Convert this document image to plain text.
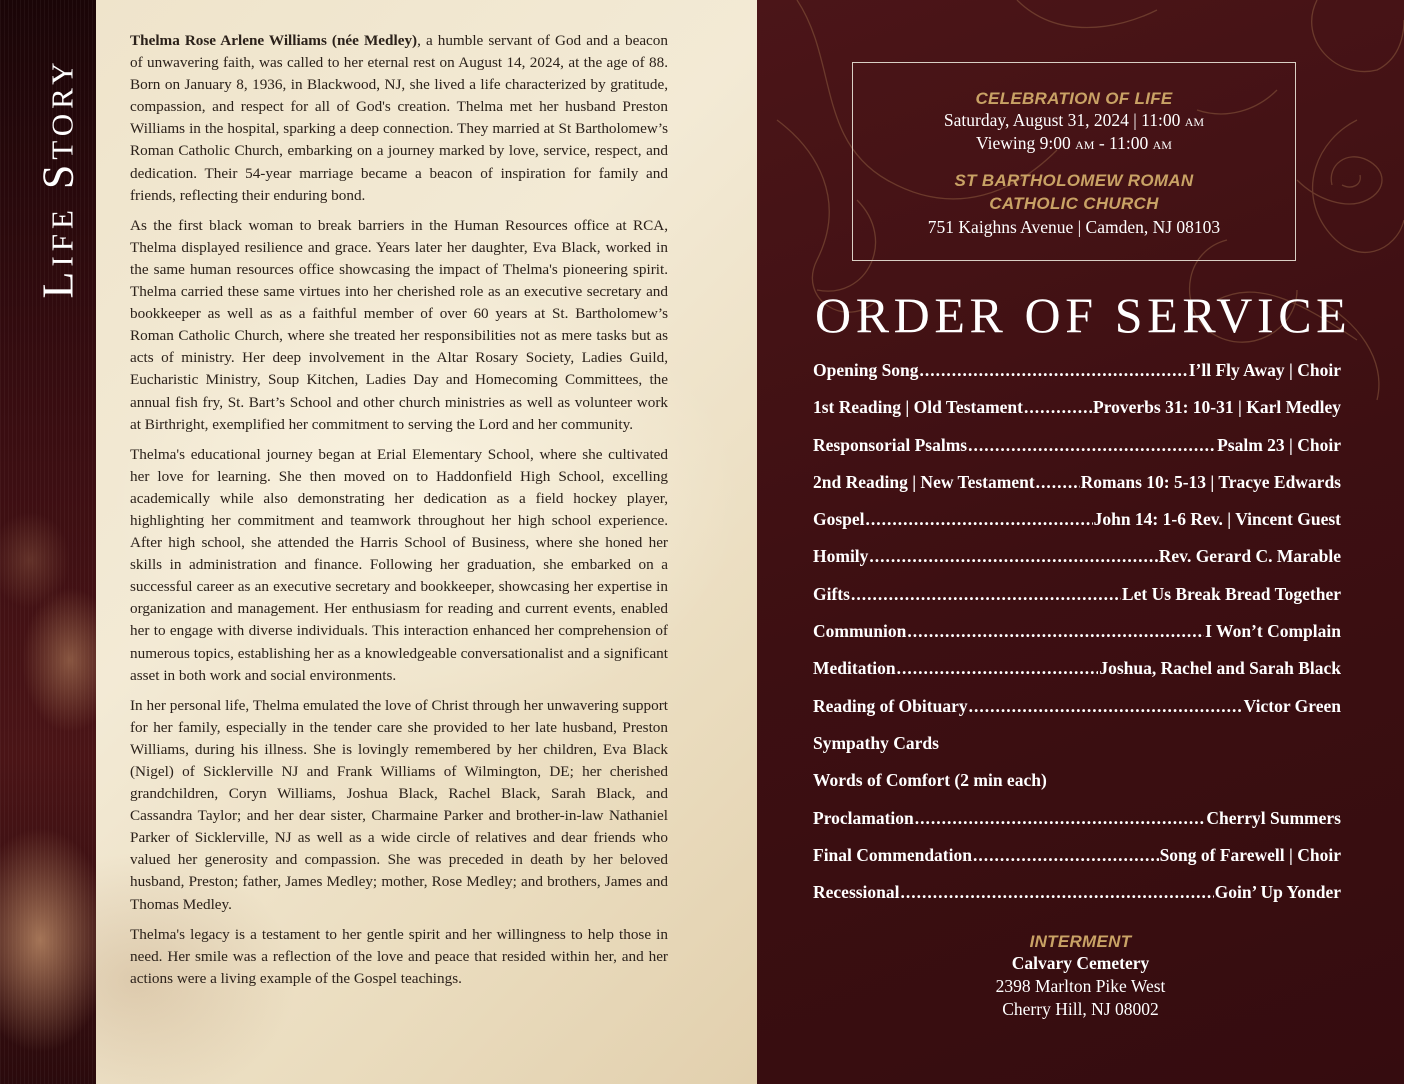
Life Story

Thelma Rose Arlene Williams (née Medley), a humble servant of God and a beacon of unwavering faith, was called to her eternal rest on August 14, 2024, at the age of 88. Born on January 8, 1936, in Blackwood, NJ, she lived a life characterized by gratitude, compassion, and respect for all of God's creation. Thelma met her husband Preston Williams in the hospital, sparking a deep connection. They married at St Bartholomew’s Roman Catholic Church, embarking on a journey marked by love, service, respect, and dedication. Their 54-year marriage became a beacon of inspiration for family and friends, reflecting their enduring bond.

As the first black woman to break barriers in the Human Resources office at RCA, Thelma displayed resilience and grace. Years later her daughter, Eva Black, worked in the same human resources office showcasing the impact of Thelma's pioneering spirit. Thelma carried these same virtues into her cherished role as an executive secretary and bookkeeper as well as as a faithful member of over 60 years at St. Bartholomew’s Roman Catholic Church, where she treated her responsibilities not as mere tasks but as acts of ministry. Her deep involvement in the Altar Rosary Society, Ladies Guild, Eucharistic Ministry, Soup Kitchen, Ladies Day and Homecoming Committees, the annual fish fry, St. Bart’s School and other church ministries as well as volunteer work at Birthright, exemplified her commitment to serving the Lord and her community.

Thelma's educational journey began at Erial Elementary School, where she cultivated her love for learning. She then moved on to Haddonfield High School, excelling academically while also demonstrating her dedication as a field hockey player, highlighting her commitment and teamwork throughout her high school experience. After high school, she attended the Harris School of Business, where she honed her skills in administration and finance. Following her graduation, she embarked on a successful career as an executive secretary and bookkeeper, showcasing her expertise in organization and management. Her enthusiasm for reading and current events, enabled her to engage with diverse individuals. This interaction enhanced her comprehension of numerous topics, establishing her as a knowledgeable conversationalist and a significant asset in both work and social environments.

In her personal life, Thelma emulated the love of Christ through her unwavering support for her family, especially in the tender care she provided to her late husband, Preston Williams, during his illness. She is lovingly remembered by her children, Eva Black (Nigel) of Sicklerville NJ and Frank Williams of Wilmington, DE; her cherished grandchildren, Coryn Williams, Joshua Black, Rachel Black, Sarah Black, and Cassandra Taylor; and her dear sister, Charmaine Parker and brother-in-law Nathaniel Parker of Sicklerville, NJ as well as a wide circle of relatives and dear friends who valued her generosity and compassion. She was preceded in death by her beloved husband, Preston; father, James Medley; mother, Rose Medley; and brothers, James and Thomas Medley.

Thelma's legacy is a testament to her gentle spirit and her willingness to help those in need. Her smile was a reflection of the love and peace that resided within her, and her actions were a living example of the Gospel teachings.

CELEBRATION OF LIFE
Saturday, August 31, 2024 | 11:00 am
Viewing 9:00 am - 11:00 am
ST BARTHOLOMEW ROMAN
CATHOLIC CHURCH
751 Kaighns Avenue | Camden, NJ 08103
ORDER OF SERVICE
Opening Song .....	I’ll Fly Away | Choir
1st Reading | Old Testament .....	Proverbs 31: 10-31 | Karl Medley
Responsorial Psalms .....	Psalm 23 | Choir
2nd Reading | New Testament .....	Romans 10: 5-13 | Tracye Edwards
Gospel .....	John 14: 1-6 Rev. | Vincent Guest
Homily .....	Rev. Gerard C. Marable
Gifts .....	Let Us Break Bread Together
Communion .....	I Won’t Complain
Meditation .....	Joshua, Rachel and Sarah Black
Reading of Obituary .....	Victor Green
Sympathy Cards
Words of Comfort (2 min each)
Proclamation .....	Cherryl Summers
Final Commendation .....	Song of Farewell | Choir
Recessional .....	Goin’ Up Yonder
INTERMENT
Calvary Cemetery
2398 Marlton Pike West
Cherry Hill, NJ 08002
